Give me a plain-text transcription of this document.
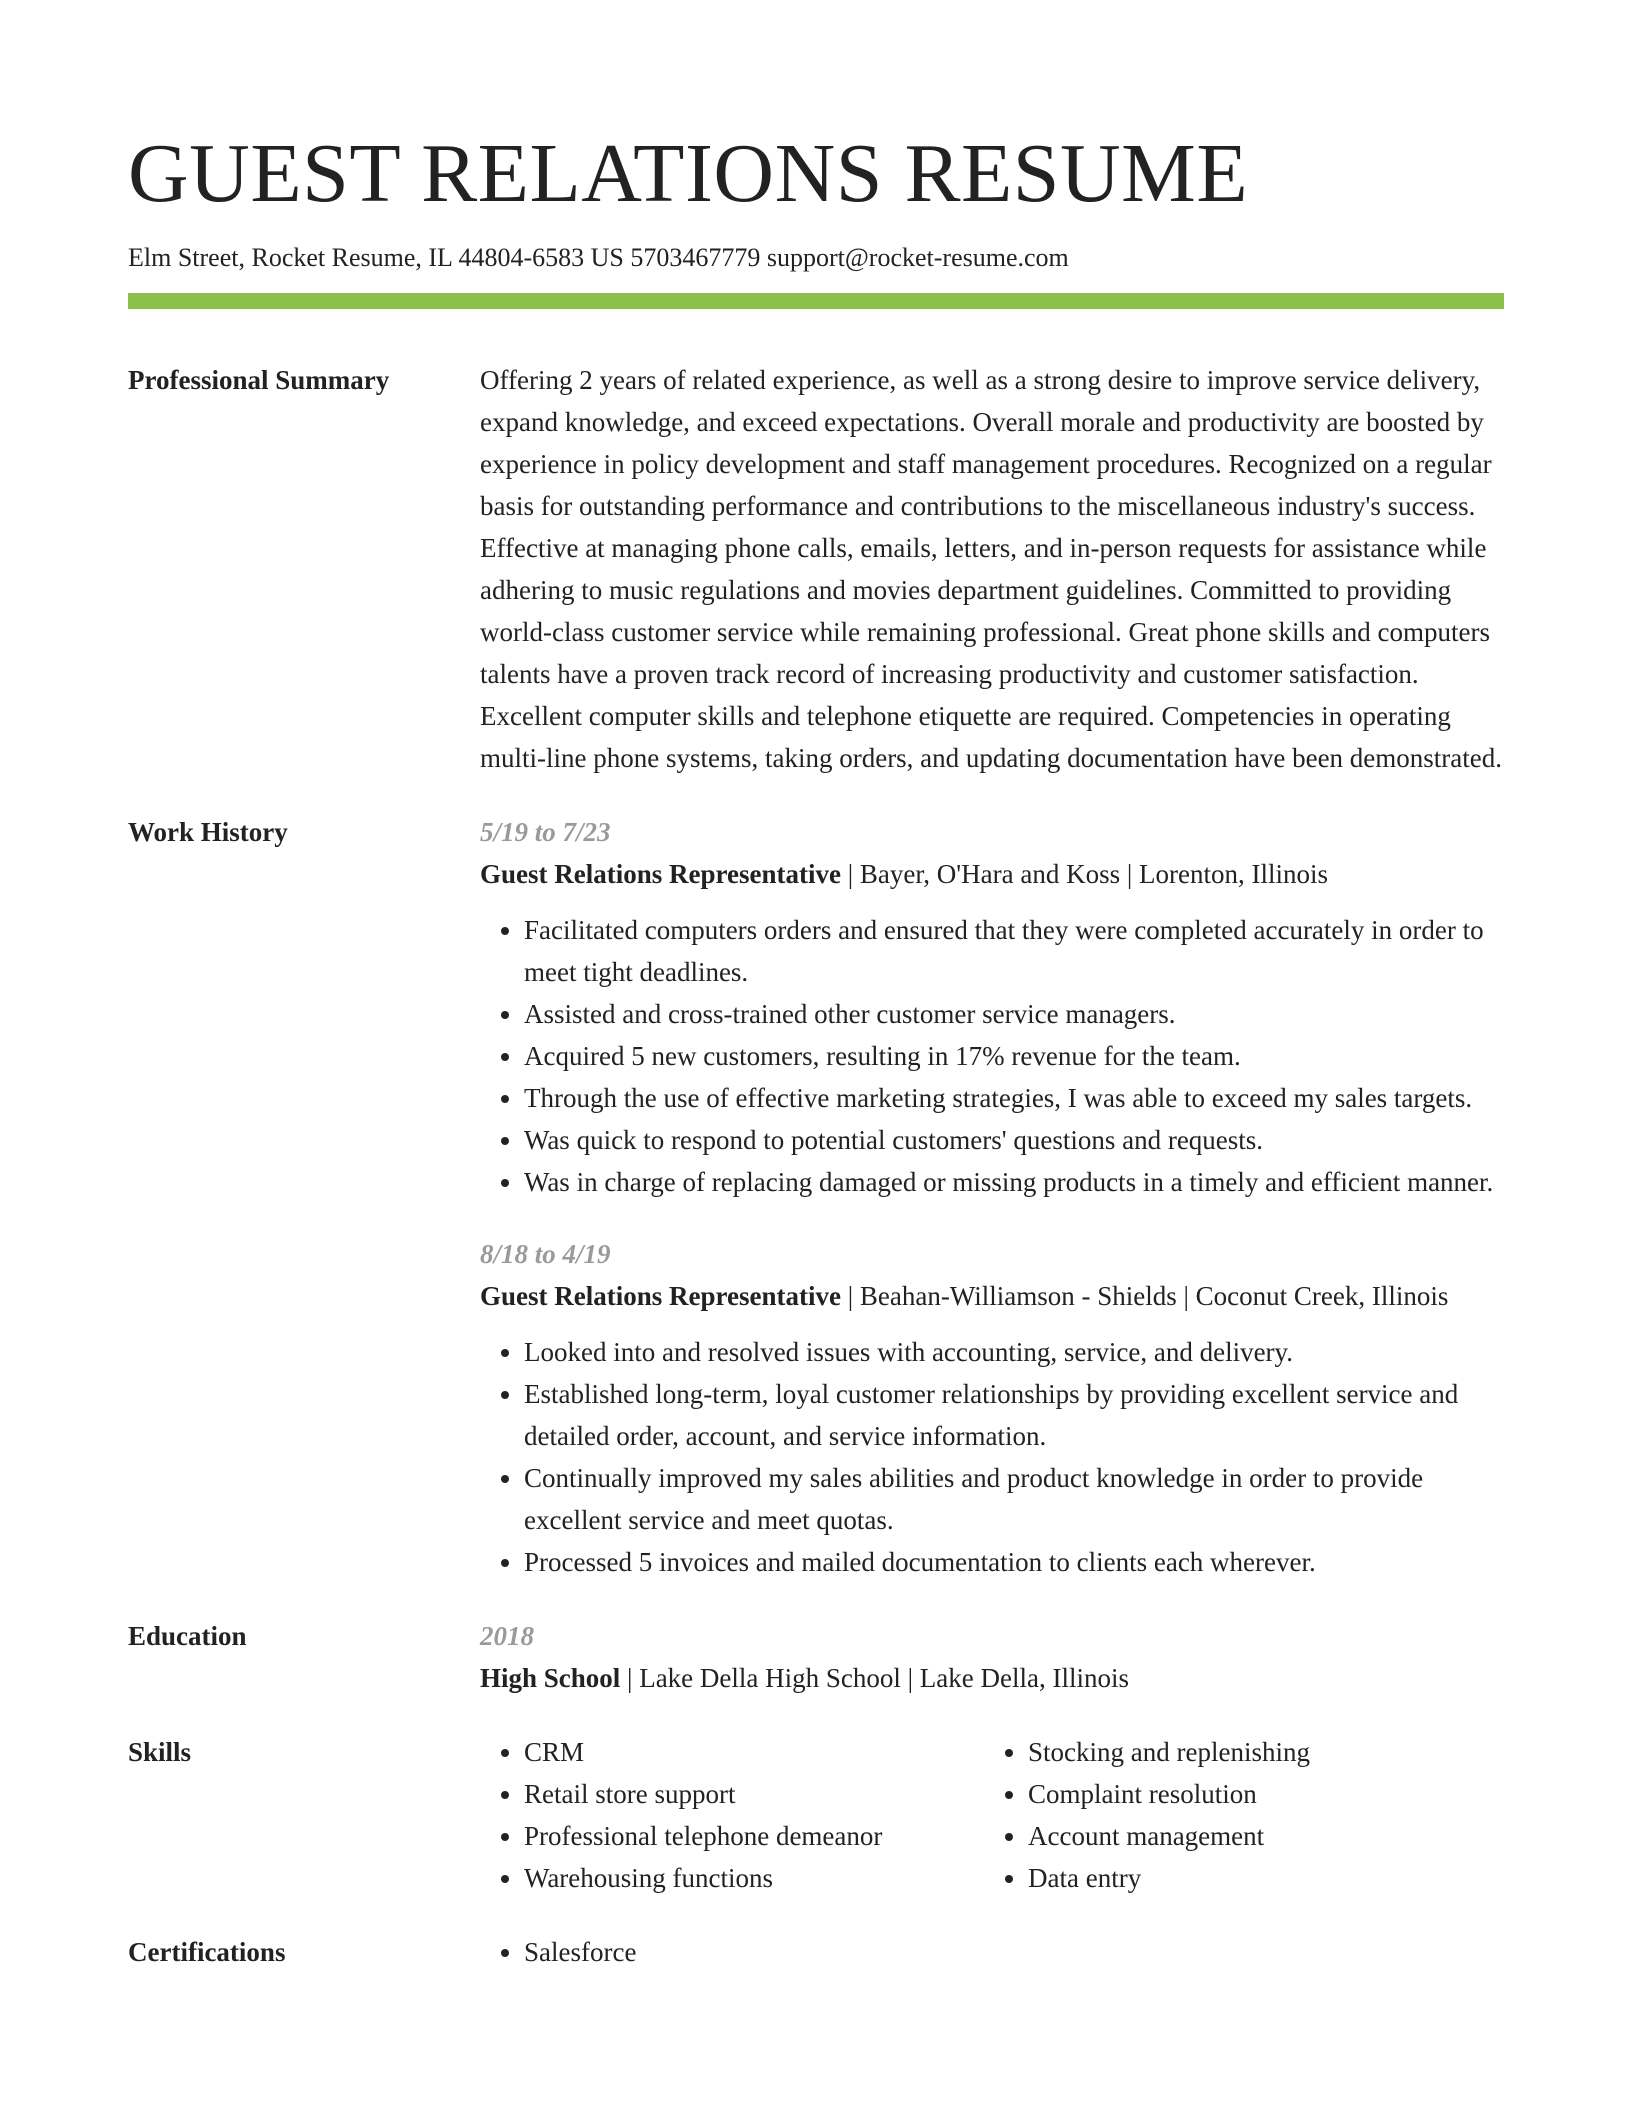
GUEST RELATIONS RESUME
Elm Street, Rocket Resume, IL 44804-6583 US 5703467779 support@rocket-resume.com
Professional Summary	Offering 2 years of related experience, as well as a strong desire to improve service delivery, expand knowledge, and exceed expectations. Overall morale and productivity are boosted by experience in policy development and staff management procedures. Recognized on a regular basis for outstanding performance and contributions to the miscellaneous industry's success. Effective at managing phone calls, emails, letters, and in-person requests for assistance while adhering to music regulations and movies department guidelines. Committed to providing world-class customer service while remaining professional. Great phone skills and computers talents have a proven track record of increasing productivity and customer satisfaction. Excellent computer skills and telephone etiquette are required. Competencies in operating multi-line phone systems, taking orders, and updating documentation have been demonstrated.
Work History	5/19 to 7/23
Guest Relations Representative | Bayer, O'Hara and Koss | Lorenton, Illinois
• Facilitated computers orders and ensured that they were completed accurately in order to meet tight deadlines.
• Assisted and cross-trained other customer service managers.
• Acquired 5 new customers, resulting in 17% revenue for the team.
• Through the use of effective marketing strategies, I was able to exceed my sales targets.
• Was quick to respond to potential customers' questions and requests.
• Was in charge of replacing damaged or missing products in a timely and efficient manner.
8/18 to 4/19
Guest Relations Representative | Beahan-Williamson - Shields | Coconut Creek, Illinois
• Looked into and resolved issues with accounting, service, and delivery.
• Established long-term, loyal customer relationships by providing excellent service and detailed order, account, and service information.
• Continually improved my sales abilities and product knowledge in order to provide excellent service and meet quotas.
• Processed 5 invoices and mailed documentation to clients each wherever.
Education	2018
High School | Lake Della High School | Lake Della, Illinois
Skills	• CRM
• Retail store support
• Professional telephone demeanor
• Warehousing functions
• Stocking and replenishing
• Complaint resolution
• Account management
• Data entry
Certifications	• Salesforce
